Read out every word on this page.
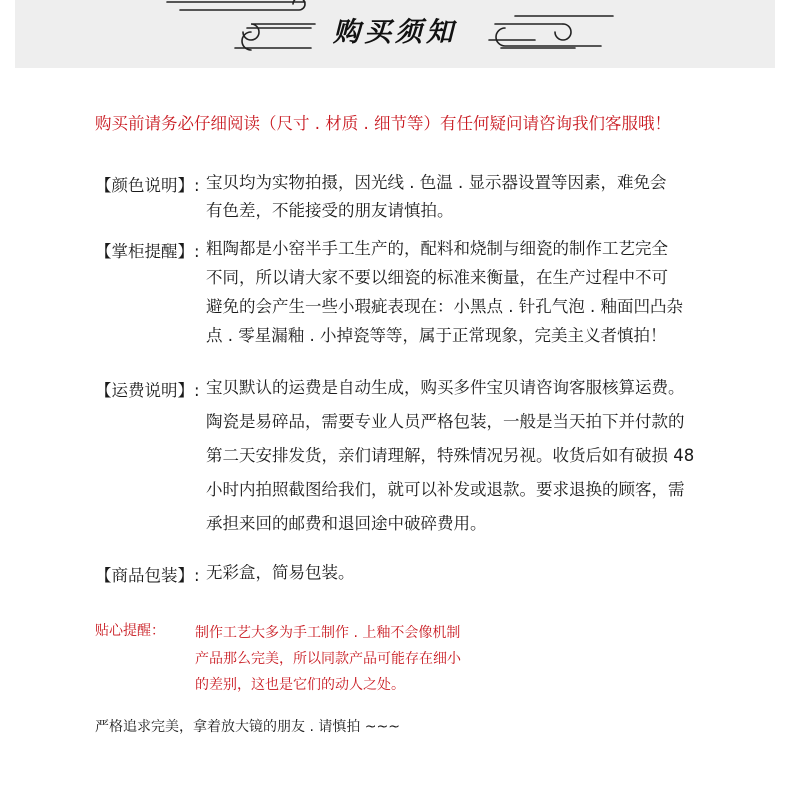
购买须知
购买前请务必仔细阅读（尺寸 . 材质 . 细节等）有任何疑问请咨询我们客服哦！
【颜色说明】: 宝贝均为实物拍摄，因光线 . 色温 . 显示器设置等因素，难免会
有色差，不能接受的朋友请慎拍。
【掌柜提醒】: 粗陶都是小窑半手工生产的，配料和烧制与细瓷的制作工艺完全
不同，所以请大家不要以细瓷的标准来衡量，在生产过程中不可
避免的会产生一些小瑕疵表现在：小黑点 . 针孔气泡 . 釉面凹凸杂
点 . 零星漏釉 . 小掉瓷等等，属于正常现象，完美主义者慎拍！
【运费说明】: 宝贝默认的运费是自动生成，购买多件宝贝请咨询客服核算运费。
陶瓷是易碎品，需要专业人员严格包装，一般是当天拍下并付款的
第二天安排发货，亲们请理解，特殊情况另视。收货后如有破损 48
小时内拍照截图给我们，就可以补发或退款。要求退换的顾客，需
承担来回的邮费和退回途中破碎费用。
【商品包装】: 无彩盒，简易包装。
贴心提醒： 制作工艺大多为手工制作 . 上釉不会像机制
产品那么完美，所以同款产品可能存在细小
的差别，这也是它们的动人之处。
严格追求完美，拿着放大镜的朋友 . 请慎拍 ~~~
